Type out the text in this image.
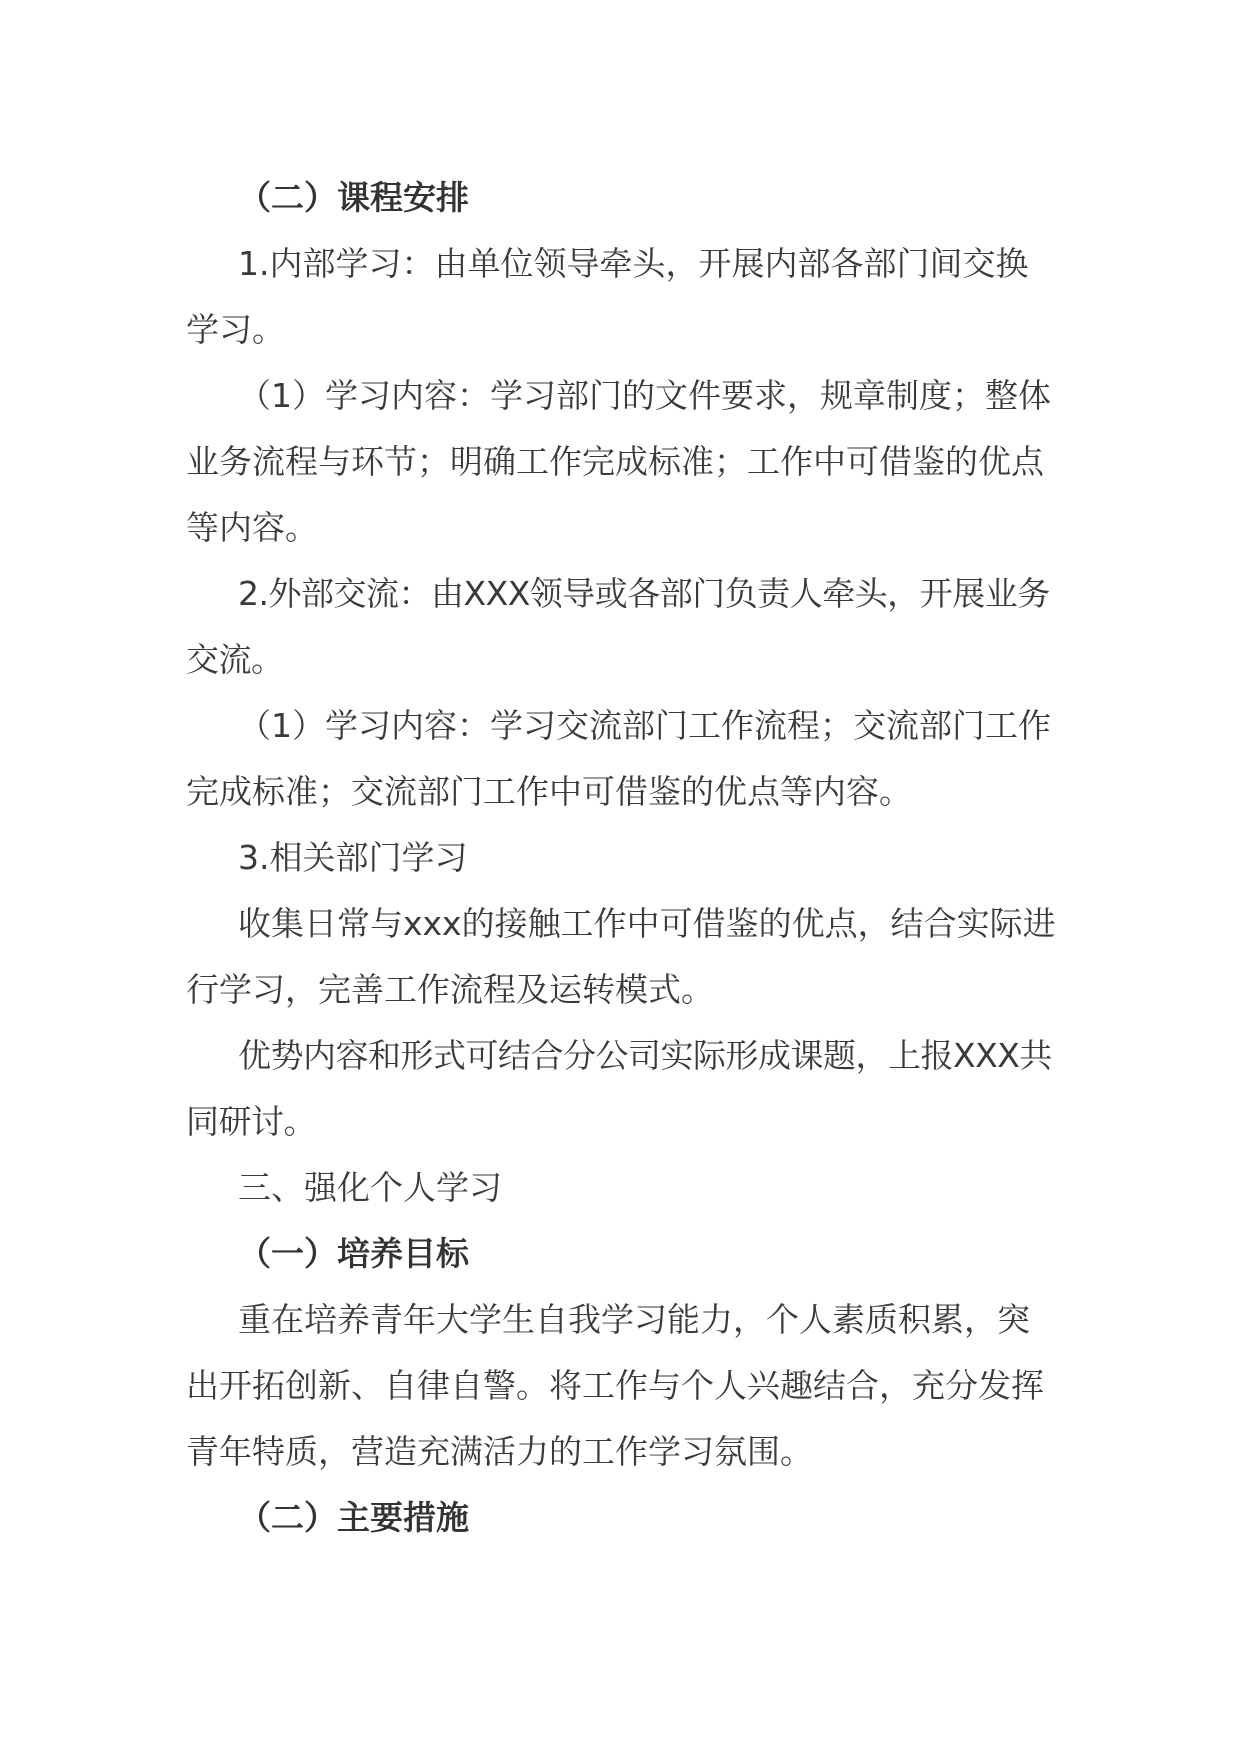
（二）课程安排

1.内部学习：由单位领导牵头，开展内部各部门间交换学习。

（1）学习内容：学习部门的文件要求，规章制度；整体业务流程与环节；明确工作完成标准；工作中可借鉴的优点等内容。

2.外部交流：由XXX领导或各部门负责人牵头，开展业务交流。

（1）学习内容：学习交流部门工作流程；交流部门工作完成标准；交流部门工作中可借鉴的优点等内容。

3.相关部门学习

收集日常与xxx的接触工作中可借鉴的优点，结合实际进行学习，完善工作流程及运转模式。

优势内容和形式可结合分公司实际形成课题，上报XXX共同研讨。

三、强化个人学习

（一）培养目标

重在培养青年大学生自我学习能力，个人素质积累，突出开拓创新、自律自警。将工作与个人兴趣结合，充分发挥青年特质，营造充满活力的工作学习氛围。

（二）主要措施
